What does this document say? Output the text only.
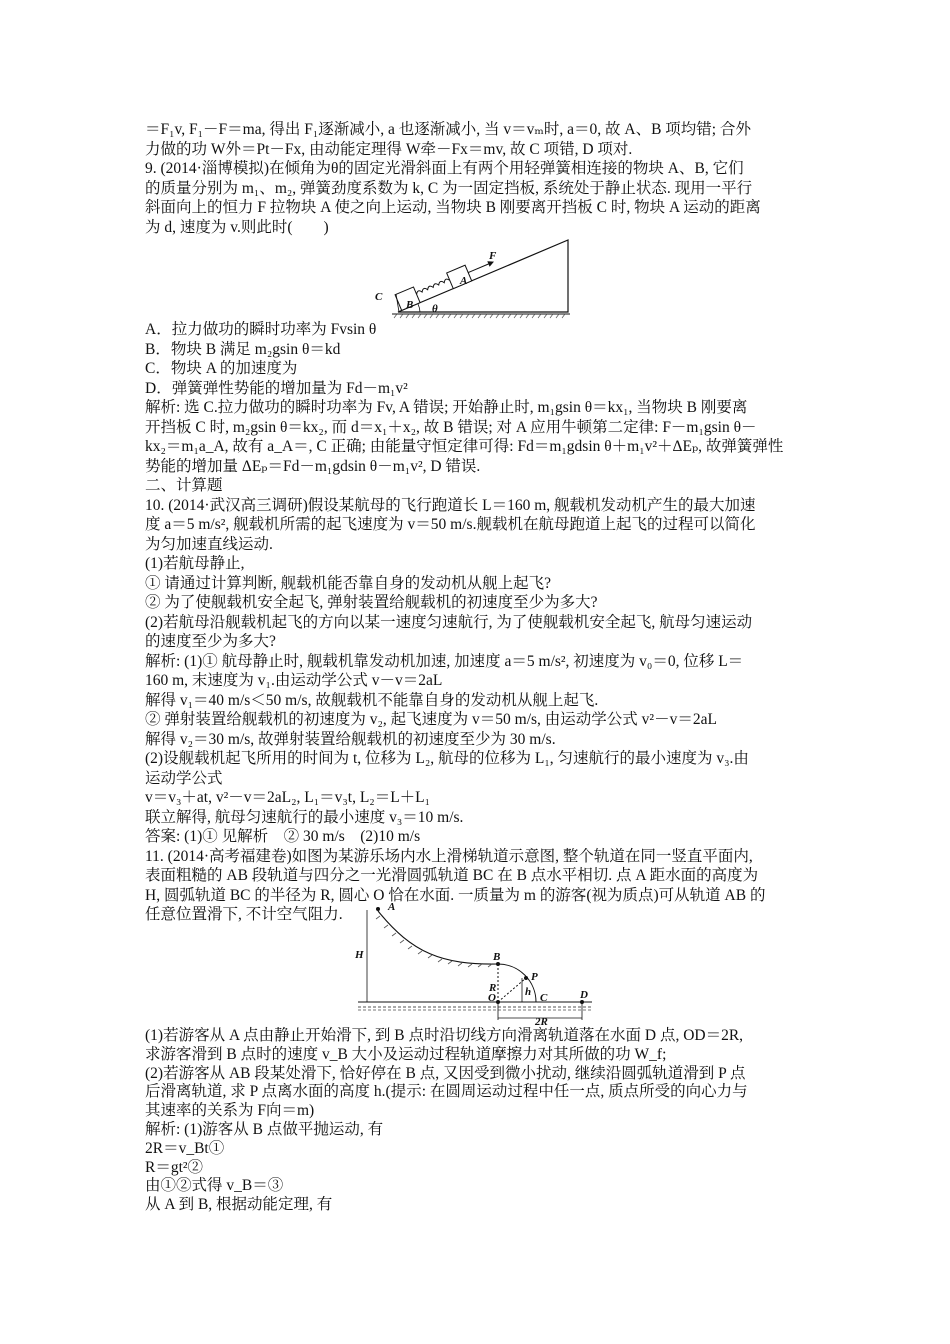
＝F₁v, F₁－F＝ma, 得出 F₁逐渐减小, a 也逐渐减小, 当 v＝vₘ时, a＝0, 故 A、B 项均错; 合外
力做的功 W外＝Pt－Fx, 由动能定理得 W牵－Fx＝mv, 故 C 项错, D 项对.
9. (2014·淄博模拟)在倾角为θ的固定光滑斜面上有两个用轻弹簧相连接的物块 A、B, 它们
的质量分别为 m₁、m₂, 弹簧劲度系数为 k, C 为一固定挡板, 系统处于静止状态. 现用一平行
斜面向上的恒力 F 拉物块 A 使之向上运动, 当物块 B 刚要离开挡板 C 时, 物块 A 运动的距离
为 d, 速度为 v.则此时(　　)
C
B
A
F
θ
A．拉力做功的瞬时功率为 Fvsin θ
B．物块 B 满足 m₂gsin θ＝kd
C．物块 A 的加速度为
D．弹簧弹性势能的增加量为 Fd－m₁v²
解析: 选 C.拉力做功的瞬时功率为 Fv, A 错误; 开始静止时, m₁gsin θ＝kx₁, 当物块 B 刚要离
开挡板 C 时, m₂gsin θ＝kx₂, 而 d＝x₁＋x₂, 故 B 错误; 对 A 应用牛顿第二定律: F－m₁gsin θ－
kx₂＝m₁a_A, 故有 a_A＝, C 正确; 由能量守恒定律可得: Fd＝m₁gdsin θ＋m₁v²＋ΔEₚ, 故弹簧弹性
势能的增加量 ΔEₚ＝Fd－m₁gdsin θ－m₁v², D 错误.
二、计算题
10. (2014·武汉高三调研)假设某航母的飞行跑道长 L＝160 m, 舰载机发动机产生的最大加速
度 a＝5 m/s², 舰载机所需的起飞速度为 v＝50 m/s.舰载机在航母跑道上起飞的过程可以简化
为匀加速直线运动.
(1)若航母静止,
① 请通过计算判断, 舰载机能否靠自身的发动机从舰上起飞?
② 为了使舰载机安全起飞, 弹射装置给舰载机的初速度至少为多大?
(2)若航母沿舰载机起飞的方向以某一速度匀速航行, 为了使舰载机安全起飞, 航母匀速运动
的速度至少为多大?
解析: (1)① 航母静止时, 舰载机靠发动机加速, 加速度 a＝5 m/s², 初速度为 v₀＝0, 位移 L＝
160 m, 末速度为 v₁.由运动学公式 v－v＝2aL
解得 v₁＝40 m/s＜50 m/s, 故舰载机不能靠自身的发动机从舰上起飞.
② 弹射装置给舰载机的初速度为 v₂, 起飞速度为 v＝50 m/s, 由运动学公式 v²－v＝2aL
解得 v₂＝30 m/s, 故弹射装置给舰载机的初速度至少为 30 m/s.
(2)设舰载机起飞所用的时间为 t, 位移为 L₂, 航母的位移为 L₁, 匀速航行的最小速度为 v₃.由
运动学公式
v＝v₃＋at, v²－v＝2aL₂, L₁＝v₃t, L₂＝L＋L₁
联立解得, 航母匀速航行的最小速度 v₃＝10 m/s.
答案: (1)① 见解析　② 30 m/s　(2)10 m/s
11. (2014·高考福建卷)如图为某游乐场内水上滑梯轨道示意图, 整个轨道在同一竖直平面内,
表面粗糙的 AB 段轨道与四分之一光滑圆弧轨道 BC 在 B 点水平相切. 点 A 距水面的高度为
H, 圆弧轨道 BC 的半径为 R, 圆心 O 恰在水面. 一质量为 m 的游客(视为质点)可从轨道 AB 的
任意位置滑下, 不计空气阻力.	A
H	B
P
R	h
O	C	D
2R
(1)若游客从 A 点由静止开始滑下, 到 B 点时沿切线方向滑离轨道落在水面 D 点, OD＝2R,
求游客滑到 B 点时的速度 v_B 大小及运动过程轨道摩擦力对其所做的功 W_f;
(2)若游客从 AB 段某处滑下, 恰好停在 B 点, 又因受到微小扰动, 继续沿圆弧轨道滑到 P 点
后滑离轨道, 求 P 点离水面的高度 h.(提示: 在圆周运动过程中任一点, 质点所受的向心力与
其速率的关系为 F向＝m)
解析: (1)游客从 B 点做平抛运动, 有
2R＝v_Bt①
R＝gt²②
由①②式得 v_B＝③
从 A 到 B, 根据动能定理, 有
